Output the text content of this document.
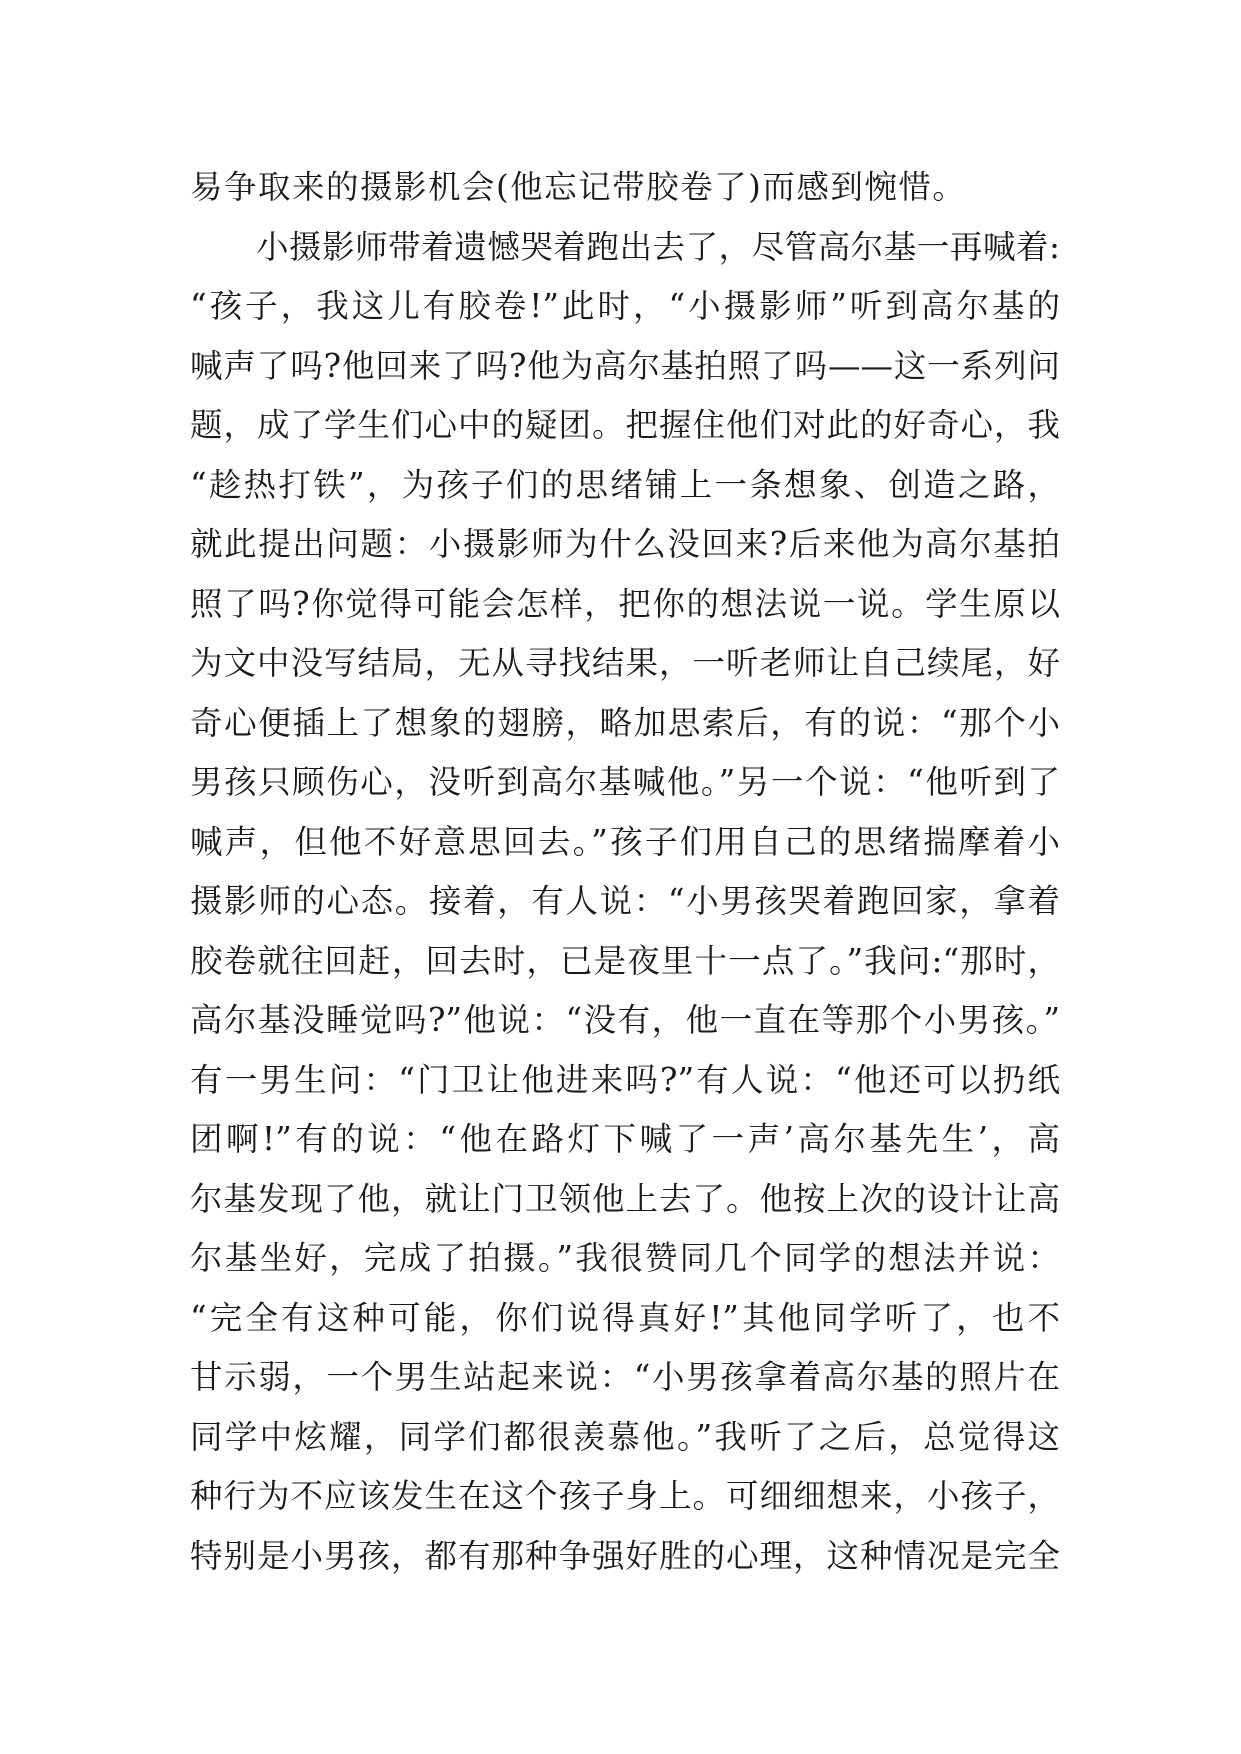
易争取来的摄影机会(他忘记带胶卷了)而感到惋惜。
小摄影师带着遗憾哭着跑出去了，尽管高尔基一再喊着:
“孩子，我这儿有胶卷!”此时，“小摄影师”听到高尔基的
喊声了吗?他回来了吗?他为高尔基拍照了吗——这一系列问
题，成了学生们心中的疑团。把握住他们对此的好奇心，我
“趁热打铁”，为孩子们的思绪铺上一条想象、创造之路，
就此提出问题：小摄影师为什么没回来?后来他为高尔基拍
照了吗?你觉得可能会怎样，把你的想法说一说。学生原以
为文中没写结局，无从寻找结果，一听老师让自己续尾，好
奇心便插上了想象的翅膀，略加思索后，有的说：“那个小
男孩只顾伤心，没听到高尔基喊他。”另一个说：“他听到了
喊声，但他不好意思回去。”孩子们用自己的思绪揣摩着小
摄影师的心态。接着，有人说：“小男孩哭着跑回家，拿着
胶卷就往回赶，回去时，已是夜里十一点了。”我问:“那时，
高尔基没睡觉吗?”他说：“没有，他一直在等那个小男孩。”
有一男生问：“门卫让他进来吗?”有人说：“他还可以扔纸
团啊!”有的说：“他在路灯下喊了一声’高尔基先生’，高
尔基发现了他，就让门卫领他上去了。他按上次的设计让高
尔基坐好，完成了拍摄。”我很赞同几个同学的想法并说：
“完全有这种可能，你们说得真好!”其他同学听了，也不
甘示弱，一个男生站起来说：“小男孩拿着高尔基的照片在
同学中炫耀，同学们都很羡慕他。”我听了之后，总觉得这
种行为不应该发生在这个孩子身上。可细细想来，小孩子，
特别是小男孩，都有那种争强好胜的心理，这种情况是完全
